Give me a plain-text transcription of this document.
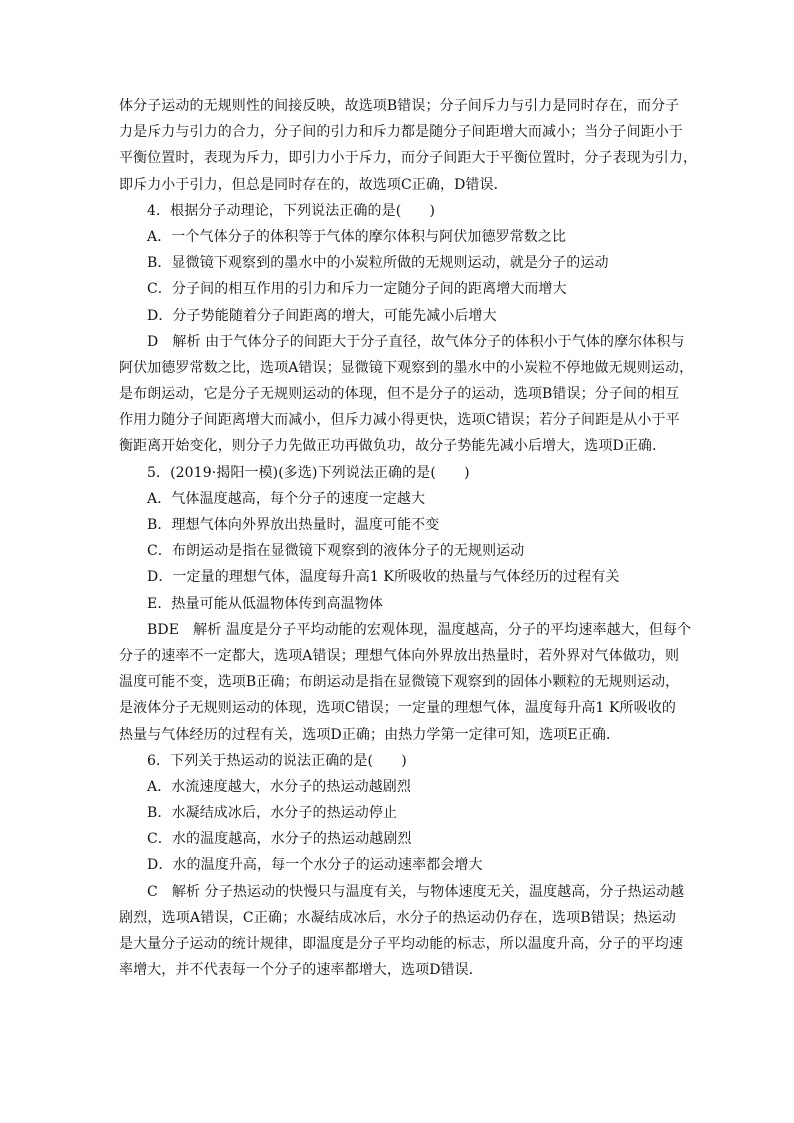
体分子运动的无规则性的间接反映，故选项B错误；分子间斥力与引力是同时存在，而分子
力是斥力与引力的合力，分子间的引力和斥力都是随分子间距增大而减小；当分子间距小于
平衡位置时，表现为斥力，即引力小于斥力，而分子间距大于平衡位置时，分子表现为引力，
即斥力小于引力，但总是同时存在的，故选项C正确，D错误．
4．根据分子动理论，下列说法正确的是(　　)
A．一个气体分子的体积等于气体的摩尔体积与阿伏加德罗常数之比
B．显微镜下观察到的墨水中的小炭粒所做的无规则运动，就是分子的运动
C．分子间的相互作用的引力和斥力一定随分子间的距离增大而增大
D．分子势能随着分子间距离的增大，可能先减小后增大
D　解析 由于气体分子的间距大于分子直径，故气体分子的体积小于气体的摩尔体积与
阿伏加德罗常数之比，选项A错误；显微镜下观察到的墨水中的小炭粒不停地做无规则运动，
是布朗运动，它是分子无规则运动的体现，但不是分子的运动，选项B错误；分子间的相互
作用力随分子间距离增大而减小，但斥力减小得更快，选项C错误；若分子间距是从小于平
衡距离开始变化，则分子力先做正功再做负功，故分子势能先减小后增大，选项D正确．
5．(2019·揭阳一模)(多选)下列说法正确的是(　　)
A．气体温度越高，每个分子的速度一定越大
B．理想气体向外界放出热量时，温度可能不变
C．布朗运动是指在显微镜下观察到的液体分子的无规则运动
D．一定量的理想气体，温度每升高1 K所吸收的热量与气体经历的过程有关
E．热量可能从低温物体传到高温物体
BDE　解析 温度是分子平均动能的宏观体现，温度越高，分子的平均速率越大，但每个
分子的速率不一定都大，选项A错误；理想气体向外界放出热量时，若外界对气体做功，则
温度可能不变，选项B正确；布朗运动是指在显微镜下观察到的固体小颗粒的无规则运动，
是液体分子无规则运动的体现，选项C错误；一定量的理想气体，温度每升高1 K所吸收的
热量与气体经历的过程有关，选项D正确；由热力学第一定律可知，选项E正确．
6．下列关于热运动的说法正确的是(　　)
A．水流速度越大，水分子的热运动越剧烈
B．水凝结成冰后，水分子的热运动停止
C．水的温度越高，水分子的热运动越剧烈
D．水的温度升高，每一个水分子的运动速率都会增大
C　解析 分子热运动的快慢只与温度有关，与物体速度无关，温度越高，分子热运动越
剧烈，选项A错误，C正确；水凝结成冰后，水分子的热运动仍存在，选项B错误；热运动
是大量分子运动的统计规律，即温度是分子平均动能的标志，所以温度升高，分子的平均速
率增大，并不代表每一个分子的速率都增大，选项D错误．
